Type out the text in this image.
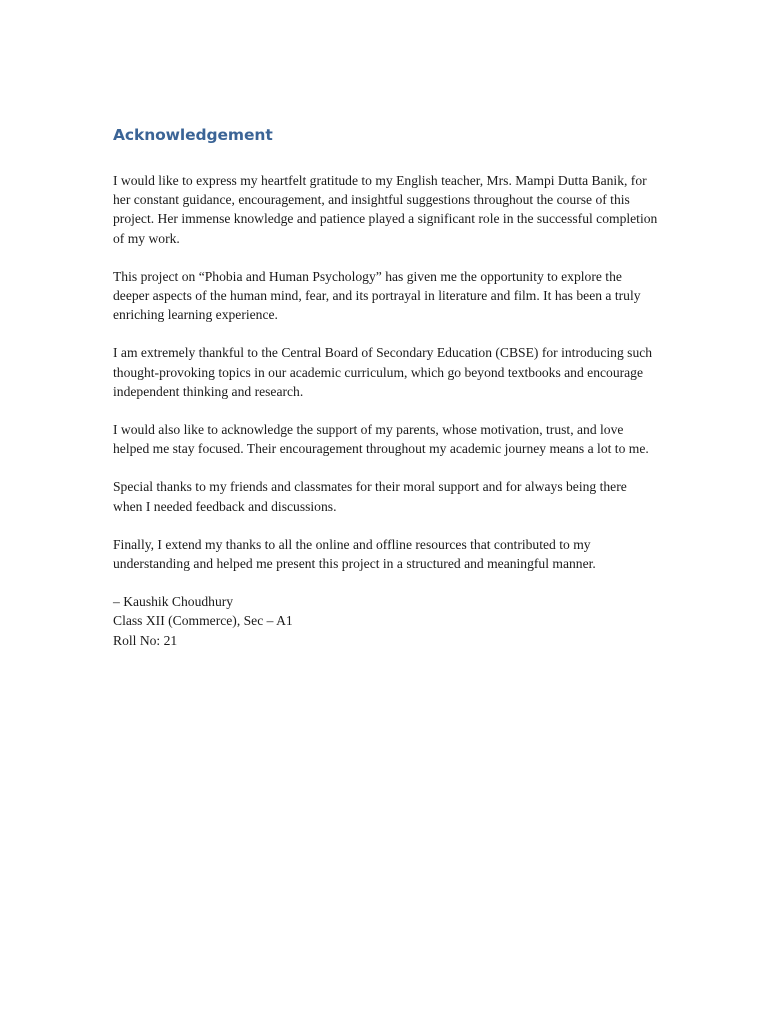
Acknowledgement

I would like to express my heartfelt gratitude to my English teacher, Mrs. Mampi Dutta Banik, for her constant guidance, encouragement, and insightful suggestions throughout the course of this project. Her immense knowledge and patience played a significant role in the successful completion of my work.

This project on “Phobia and Human Psychology” has given me the opportunity to explore the deeper aspects of the human mind, fear, and its portrayal in literature and film. It has been a truly enriching learning experience.

I am extremely thankful to the Central Board of Secondary Education (CBSE) for introducing such thought-provoking topics in our academic curriculum, which go beyond textbooks and encourage independent thinking and research.

I would also like to acknowledge the support of my parents, whose motivation, trust, and love helped me stay focused. Their encouragement throughout my academic journey means a lot to me.

Special thanks to my friends and classmates for their moral support and for always being there when I needed feedback and discussions.

Finally, I extend my thanks to all the online and offline resources that contributed to my understanding and helped me present this project in a structured and meaningful manner.

– Kaushik Choudhury
Class XII (Commerce), Sec – A1
Roll No: 21
